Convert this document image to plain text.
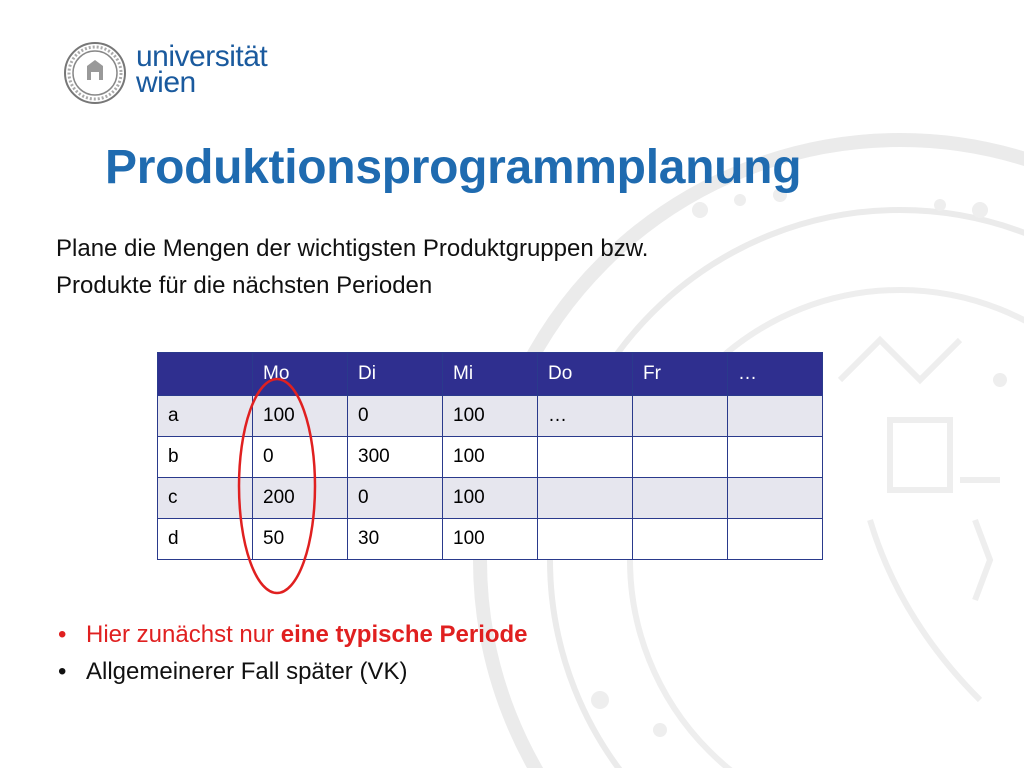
universität
wien
Produktionsprogrammplanung
Plane die Mengen der wichtigsten Produktgruppen bzw.
Produkte für die nächsten Perioden
	Mo	Di	Mi	Do	Fr	…
a	100	0	100	…		
b	0	300	100			
c	200	0	100			
d	50	30	100			
• Hier zunächst nur eine typische Periode
• Allgemeinerer Fall später (VK)
